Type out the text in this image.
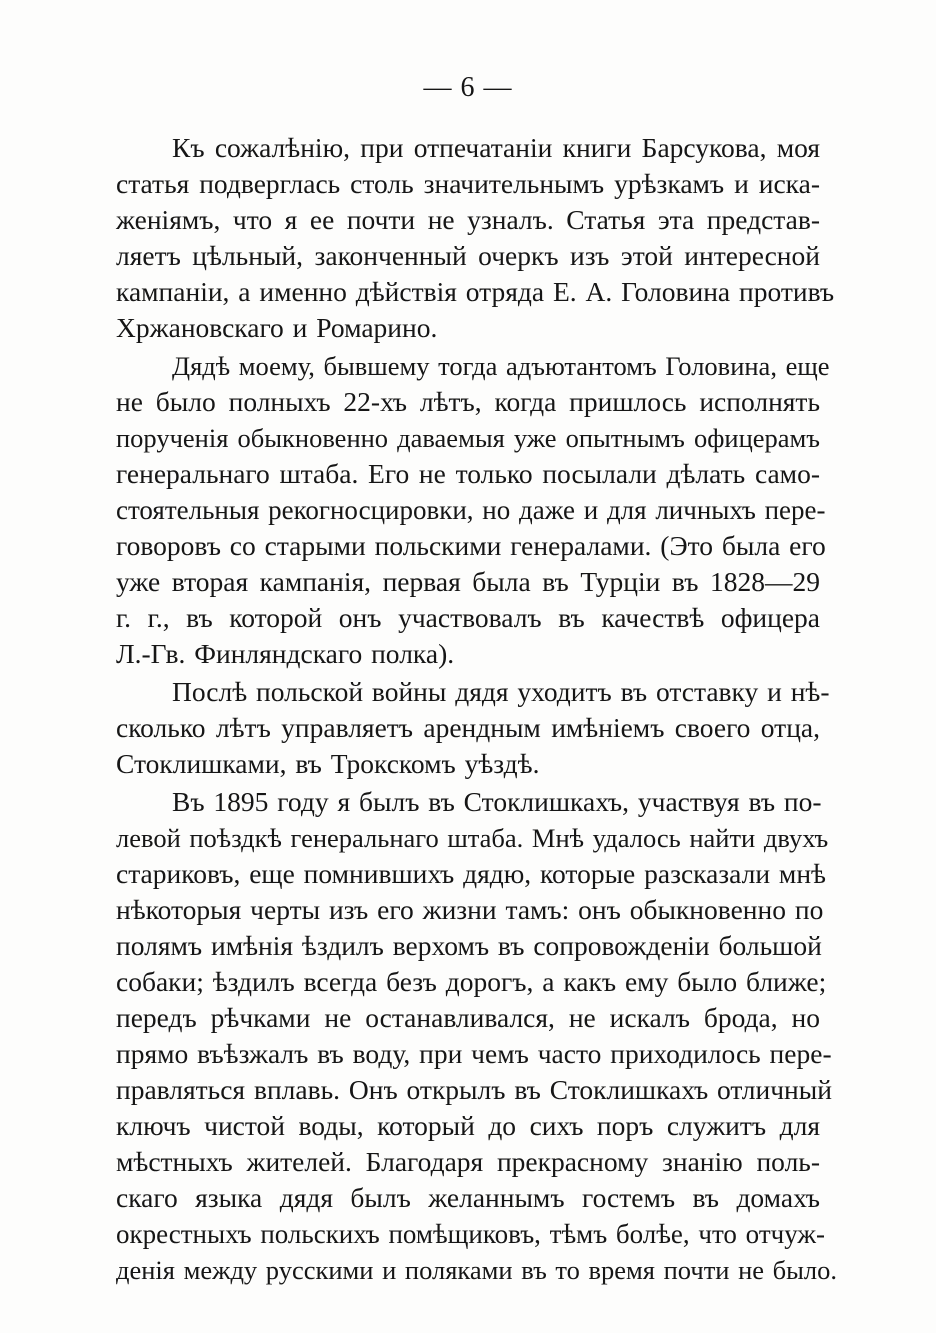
— 6 —
Къ сожалѣнію, при отпечатаніи книги Барсукова, моя
статья подверглась столь значительнымъ урѣзкамъ и иска-
женіямъ, что я ее почти не узналъ. Статья эта представ-
ляетъ цѣльный, законченный очеркъ изъ этой интересной
кампаніи, а именно дѣйствія отряда Е. А. Головина противъ
Хржановскаго и Ромарино.
Дядѣ моему, бывшему тогда адъютантомъ Головина, еще
не было полныхъ 22-хъ лѣтъ, когда пришлось исполнять
порученія обыкновенно даваемыя уже опытнымъ офицерамъ
генеральнаго штаба. Его не только посылали дѣлать само-
стоятельныя рекогносцировки, но даже и для личныхъ пере-
говоровъ со старыми польскими генералами. (Это была его
уже вторая кампанія, первая была въ Турціи въ 1828—29
г. г., въ которой онъ участвовалъ въ качествѣ офицера
Л.-Гв. Финляндскаго полка).
Послѣ польской войны дядя уходитъ въ отставку и нѣ-
сколько лѣтъ управляетъ арендным имѣніемъ своего отца,
Стоклишками, въ Трокскомъ уѣздѣ.
Въ 1895 году я былъ въ Стоклишкахъ, участвуя въ по-
левой поѣздкѣ генеральнаго штаба. Мнѣ удалось найти двухъ
стариковъ, еще помнившихъ дядю, которые разсказали мнѣ
нѣкоторыя черты изъ его жизни тамъ: онъ обыкновенно по
полямъ имѣнія ѣздилъ верхомъ въ сопровожденіи большой
собаки; ѣздилъ всегда безъ дорогъ, а какъ ему было ближе;
передъ рѣчками не останавливался, не искалъ брода, но
прямо въѣзжалъ въ воду, при чемъ часто приходилось пере-
правляться вплавь. Онъ открылъ въ Стоклишкахъ отличный
ключъ чистой воды, который до сихъ поръ служитъ для
мѣстныхъ жителей. Благодаря прекрасному знанію поль-
скаго языка дядя былъ желаннымъ гостемъ въ домахъ
окрестныхъ польскихъ помѣщиковъ, тѣмъ болѣе, что отчуж-
денія между русскими и поляками въ то время почти не было.
